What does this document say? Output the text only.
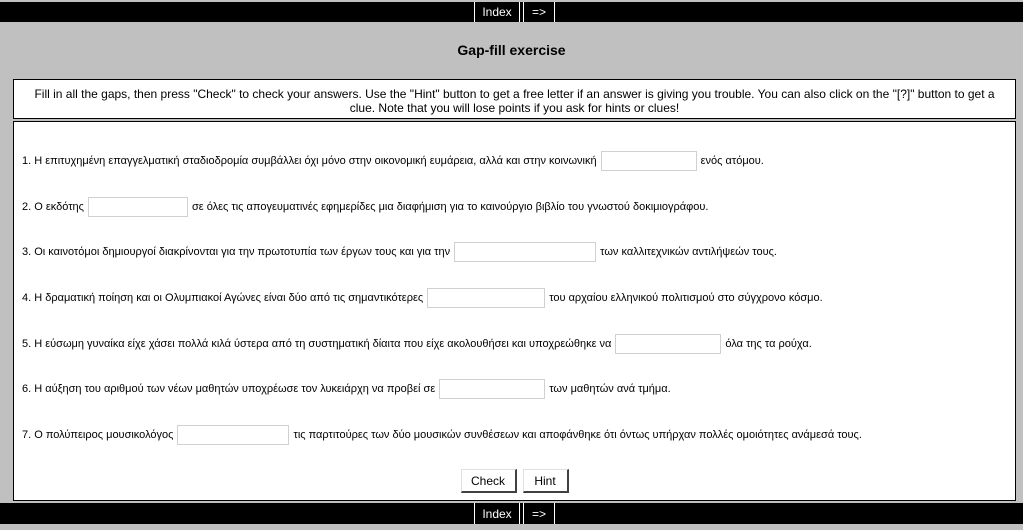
Index	=>
Gap-fill exercise
Fill in all the gaps, then press "Check" to check your answers. Use the "Hint" button to get a free letter if an answer is giving you trouble. You can also click on the "[?]" button to get a clue. Note that you will lose points if you ask for hints or clues!
1. Η επιτυχημένη επαγγελματική σταδιοδρομία συμβάλλει όχι μόνο στην οικονομική ευμάρεια, αλλά και στην κοινωνική	ενός ατόμου.
2. Ο εκδότης	σε όλες τις απογευματινές εφημερίδες μια διαφήμιση για το καινούργιο βιβλίο του γνωστού δοκιμιογράφου.
3. Οι καινοτόμοι δημιουργοί διακρίνονται για την πρωτοτυπία των έργων τους και για την	των καλλιτεχνικών αντιλήψεών τους.
4. Η δραματική ποίηση και οι Ολυμπιακοί Αγώνες είναι δύο από τις σημαντικότερες	του αρχαίου ελληνικού πολιτισμού στο σύγχρονο κόσμο.
5. Η εύσωμη γυναίκα είχε χάσει πολλά κιλά ύστερα από τη συστηματική δίαιτα που είχε ακολουθήσει και υποχρεώθηκε να	όλα της τα ρούχα.
6. Η αύξηση του αριθμού των νέων μαθητών υποχρέωσε τον λυκειάρχη να προβεί σε	των μαθητών ανά τμήμα.
7. Ο πολύπειρος μουσικολόγος	τις παρτιτούρες των δύο μουσικών συνθέσεων και αποφάνθηκε ότι όντως υπήρχαν πολλές ομοιότητες ανάμεσά τους.
Check	Hint
Index	=>
